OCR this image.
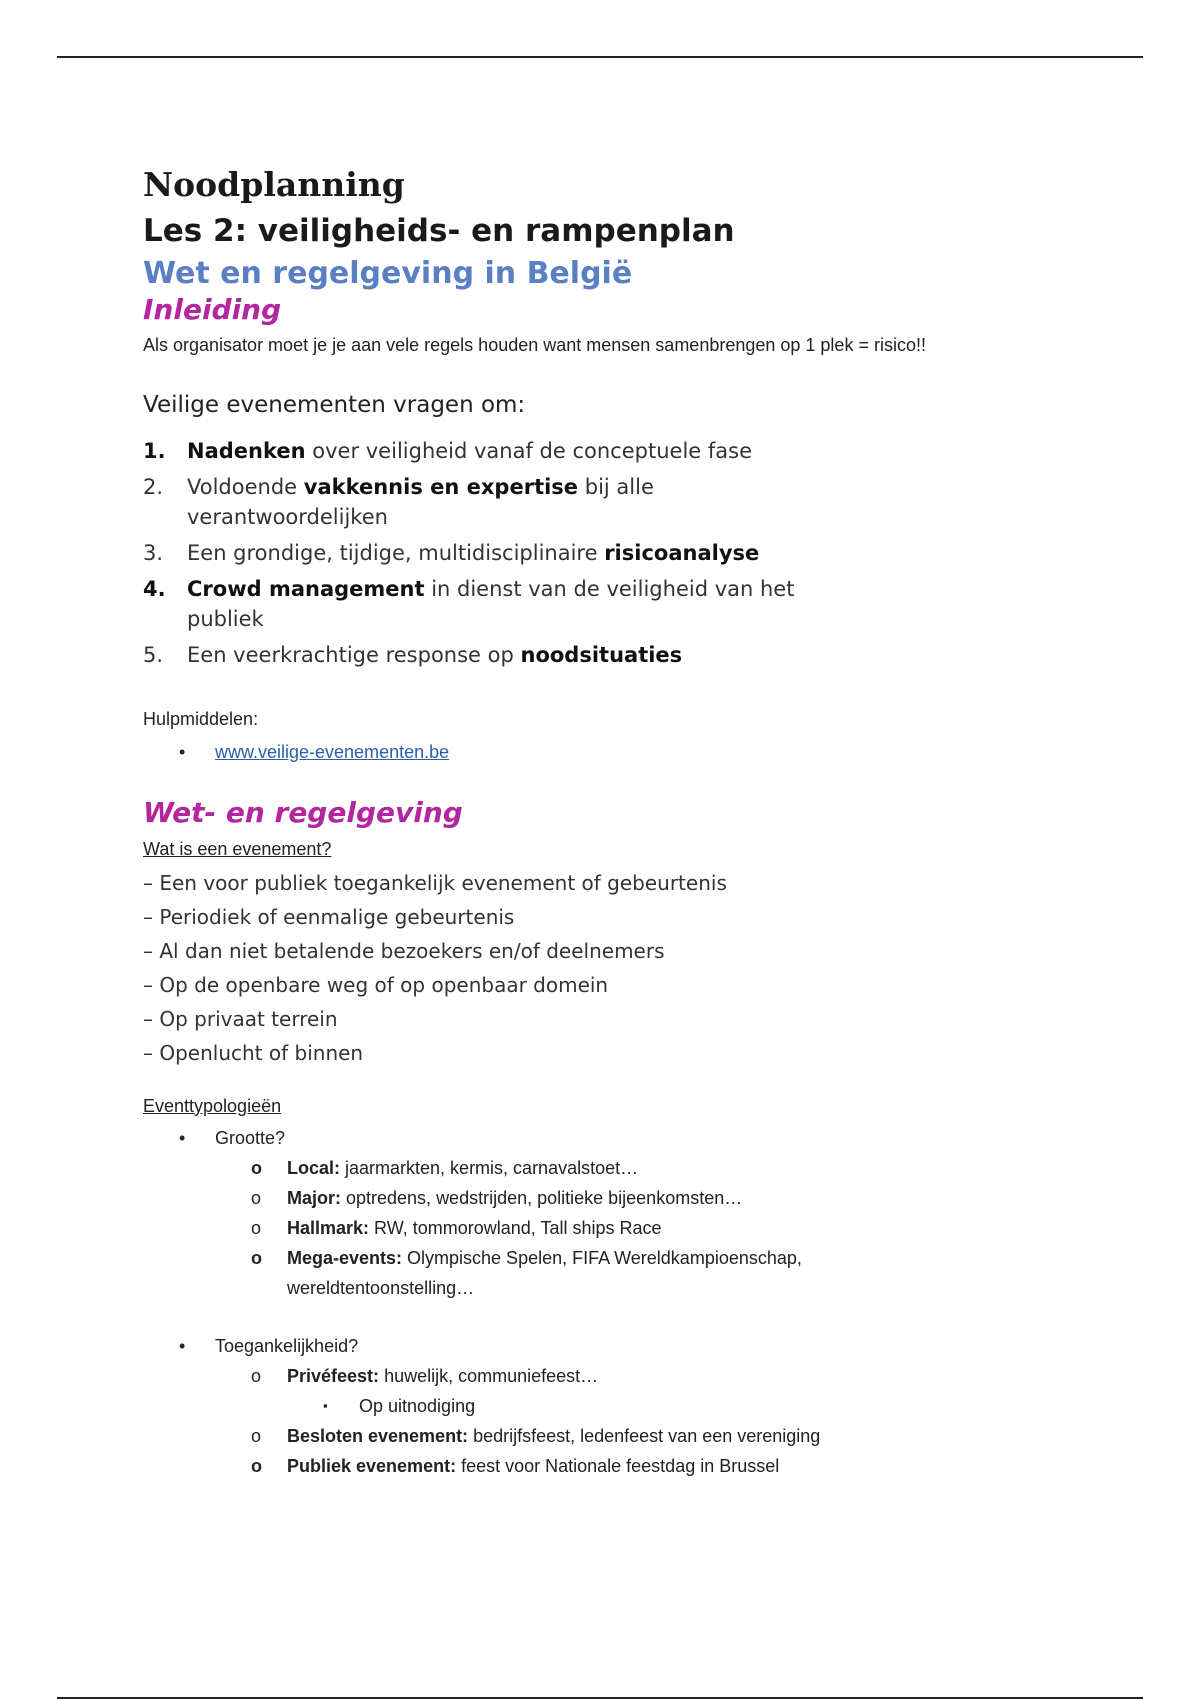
Noodplanning
Les 2: veiligheids- en rampenplan
Wet en regelgeving in België
Inleiding
Als organisator moet je je aan vele regels houden want mensen samenbrengen op 1 plek = risico!!
Veilige evenementen vragen om:
1. Nadenken over veiligheid vanaf de conceptuele fase
2. Voldoende vakkennis en expertise bij alle verantwoordelijken
3. Een grondige, tijdige, multidisciplinaire risicoanalyse
4. Crowd management in dienst van de veiligheid van het publiek
5. Een veerkrachtige response op noodsituaties
Hulpmiddelen:
• www.veilige-evenementen.be
Wet- en regelgeving
Wat is een evenement?
– Een voor publiek toegankelijk evenement of gebeurtenis
– Periodiek of eenmalige gebeurtenis
– Al dan niet betalende bezoekers en/of deelnemers
– Op de openbare weg of op openbaar domein
– Op privaat terrein
– Openlucht of binnen
Eventtypologieën
• Grootte?
o Local: jaarmarkten, kermis, carnavalstoet…
o Major: optredens, wedstrijden, politieke bijeenkomsten…
o Hallmark: RW, tommorowland, Tall ships Race
o Mega-events: Olympische Spelen, FIFA Wereldkampioenschap, wereldtentoonstelling…
• Toegankelijkheid?
o Privéfeest: huwelijk, communiefeest…
▪ Op uitnodiging
o Besloten evenement: bedrijfsfeest, ledenfeest van een vereniging
o Publiek evenement: feest voor Nationale feestdag in Brussel
